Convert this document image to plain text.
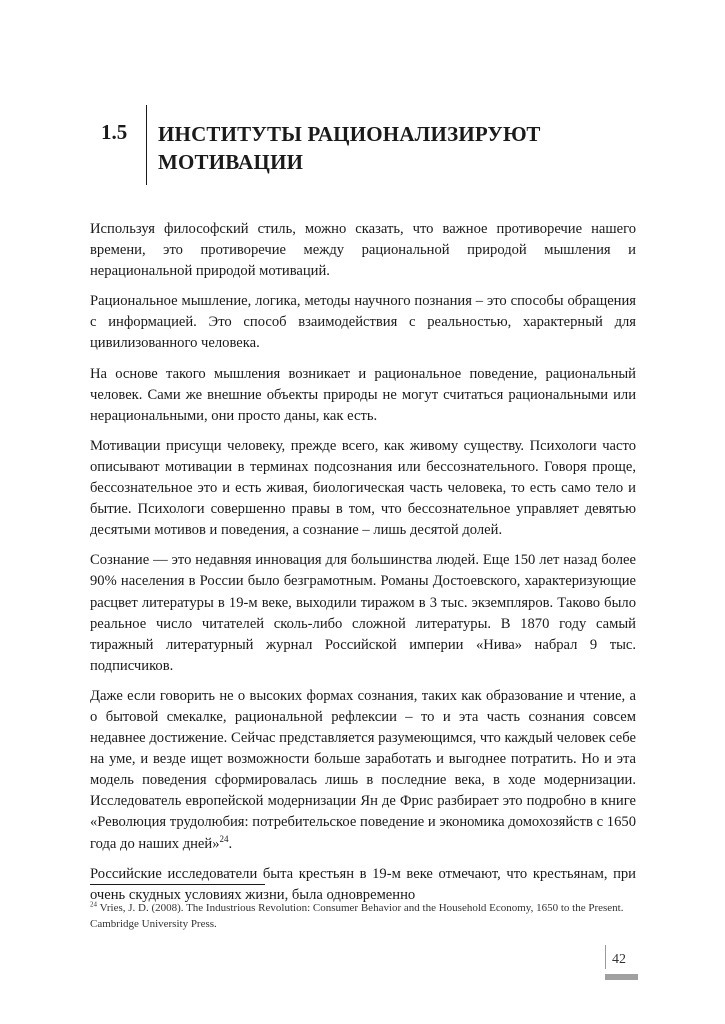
1.5 ИНСТИТУТЫ РАЦИОНАЛИЗИРУЮТ
МОТИВАЦИИ

Используя философский стиль, можно сказать, что важное противоречие нашего времени, это противоречие между рациональной природой мышления и нерациональной природой мотиваций.

Рациональное мышление, логика, методы научного познания – это способы обращения с информацией. Это способ взаимодействия с реальностью, характерный для цивилизованного человека.

На основе такого мышления возникает и рациональное поведение, рациональный человек. Сами же внешние объекты природы не могут считаться рациональными или нерациональными, они просто даны, как есть.

Мотивации присущи человеку, прежде всего, как живому существу. Психологи часто описывают мотивации в терминах подсознания или бессознательного. Говоря проще, бессознательное это и есть живая, биологическая часть человека, то есть само тело и бытие. Психологи совершенно правы в том, что бессознательное управляет девятью десятыми мотивов и поведения, а сознание – лишь десятой долей.

Сознание — это недавняя инновация для большинства людей. Еще 150 лет назад более 90% населения в России было безграмотным. Романы Достоевского, характеризующие расцвет литературы в 19-м веке, выходили тиражом в 3 тыс. экземпляров. Таково было реальное число читателей сколь-либо сложной литературы. В 1870 году самый тиражный литературный журнал Российской империи «Нива» набрал 9 тыс. подписчиков.

Даже если говорить не о высоких формах сознания, таких как образование и чтение, а о бытовой смекалке, рациональной рефлексии – то и эта часть сознания совсем недавнее достижение. Сейчас представляется разумеющимся, что каждый человек себе на уме, и везде ищет возможности больше заработать и выгоднее потратить. Но и эта модель поведения сформировалась лишь в последние века, в ходе модернизации. Исследователь европейской модернизации Ян де Фрис разбирает это подробно в книге «Революция трудолюбия: потребительское поведение и экономика домохозяйств с 1650 года до наших дней»$^{24}$.

Российские исследователи быта крестьян в 19-м веке отмечают, что крестьянам, при очень скудных условиях жизни, была одновременно

$^{24}$ Vries, J. D. (2008). The Industrious Revolution: Consumer Behavior and the Household Economy, 1650 to the Present. Cambridge University Press.
42
